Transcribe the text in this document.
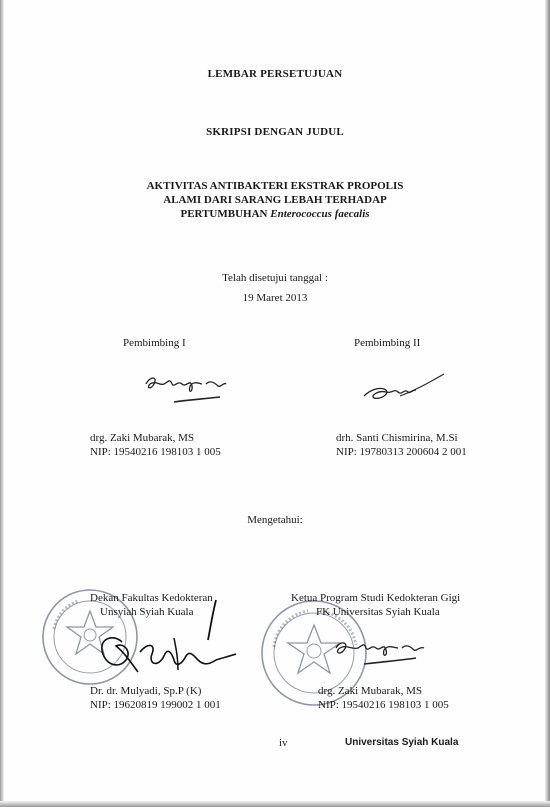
LEMBAR PERSETUJUAN
SKRIPSI DENGAN JUDUL
AKTIVITAS ANTIBAKTERI EKSTRAK PROPOLIS
ALAMI DARI SARANG LEBAH TERHADAP
PERTUMBUHAN Enterococcus faecalis
Telah disetujui tanggal :
19 Maret 2013
Pembimbing I	Pembimbing II
drg. Zaki Mubarak, MS
NIP: 19540216 198103 1 005
drh. Santi Chismirina, M.Si
NIP: 19780313 200604 2 001
Mengetahui:
Dekan Fakultas Kedokteran
Unsyiah Syiah Kuala
Ketua Program Studi Kedokteran Gigi
FK Universitas Syiah Kuala
Dr. dr. Mulyadi, Sp.P (K)
NIP: 19620819 199002 1 001
drg. Zaki Mubarak, MS
NIP: 19540216 198103 1 005
iv	Universitas Syiah Kuala
